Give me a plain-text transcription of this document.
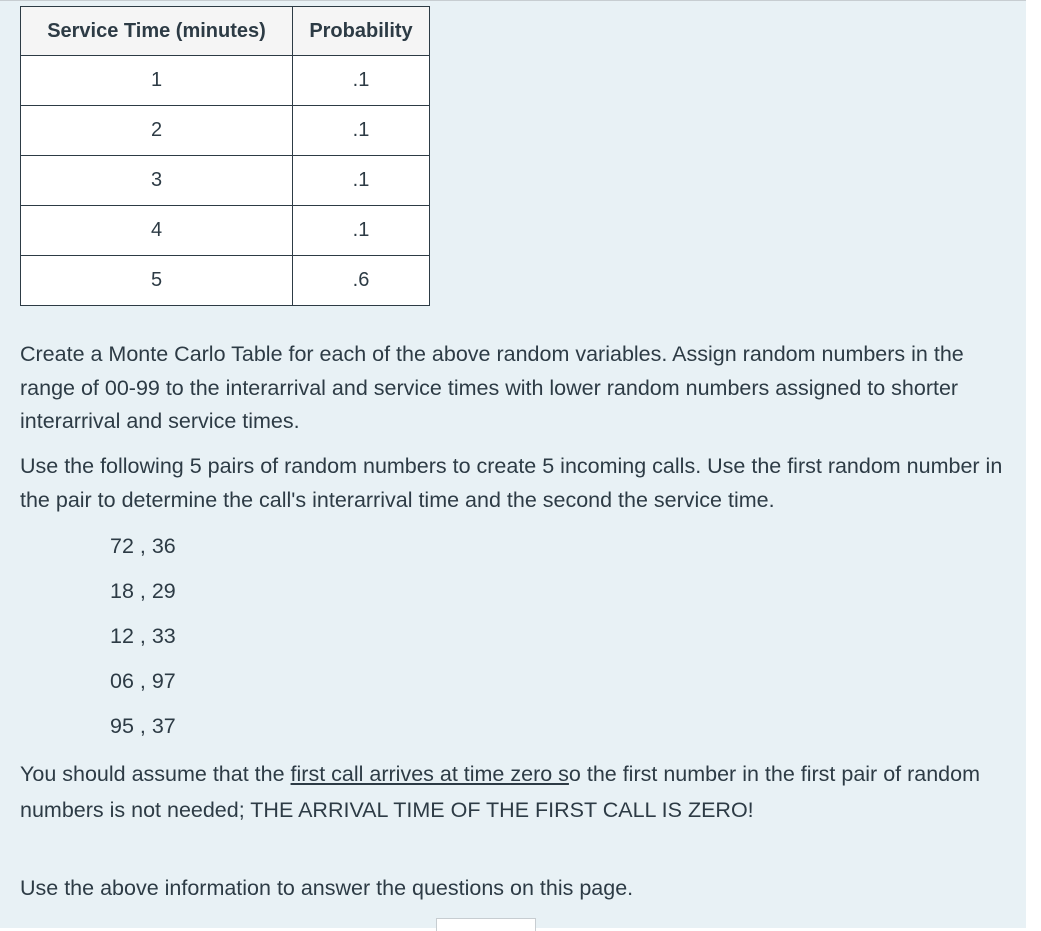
Service Time (minutes)	Probability
1	.1
2	.1
3	.1
4	.1
5	.6
Create a Monte Carlo Table for each of the above random variables. Assign random numbers in the range of 00-99 to the interarrival and service times with lower random numbers assigned to shorter interarrival and service times.
Use the following 5 pairs of random numbers to create 5 incoming calls. Use the first random number in the pair to determine the call's interarrival time and the second the service time.
72 , 36
18 , 29
12 , 33
06 , 97
95 , 37
You should assume that the first call arrives at time zero so the first number in the first pair of random numbers is not needed; THE ARRIVAL TIME OF THE FIRST CALL IS ZERO!
Use the above information to answer the questions on this page.
